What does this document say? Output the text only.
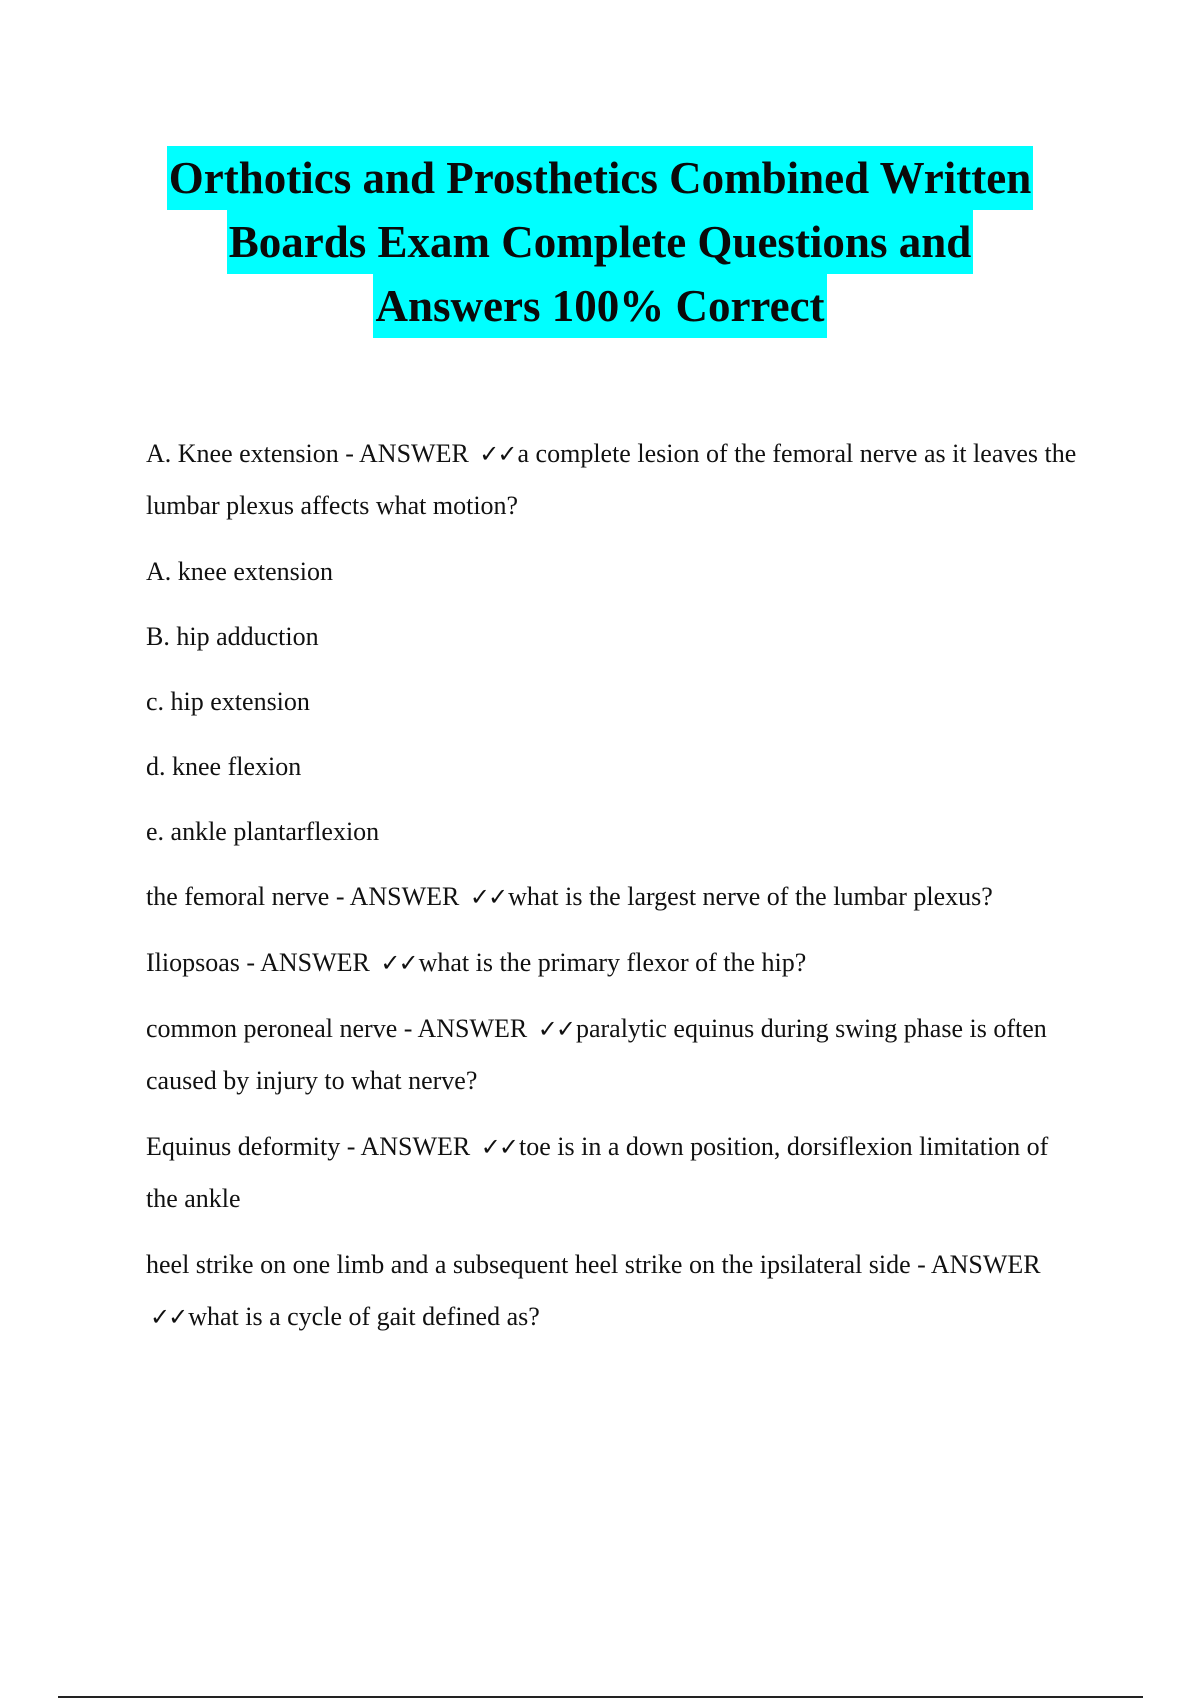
Orthotics and Prosthetics Combined Written
Boards Exam Complete Questions and
Answers 100% Correct

A. Knee extension - ANSWER ✓✓a complete lesion of the femoral nerve as it leaves the lumbar plexus affects what motion?

A. knee extension

B. hip adduction

c. hip extension

d. knee flexion

e. ankle plantarflexion

the femoral nerve - ANSWER ✓✓what is the largest nerve of the lumbar plexus?

Iliopsoas - ANSWER ✓✓what is the primary flexor of the hip?

common peroneal nerve - ANSWER ✓✓paralytic equinus during swing phase is often caused by injury to what nerve?

Equinus deformity - ANSWER ✓✓toe is in a down position, dorsiflexion limitation of the ankle

heel strike on one limb and a subsequent heel strike on the ipsilateral side - ANSWER ✓✓what is a cycle of gait defined as?
